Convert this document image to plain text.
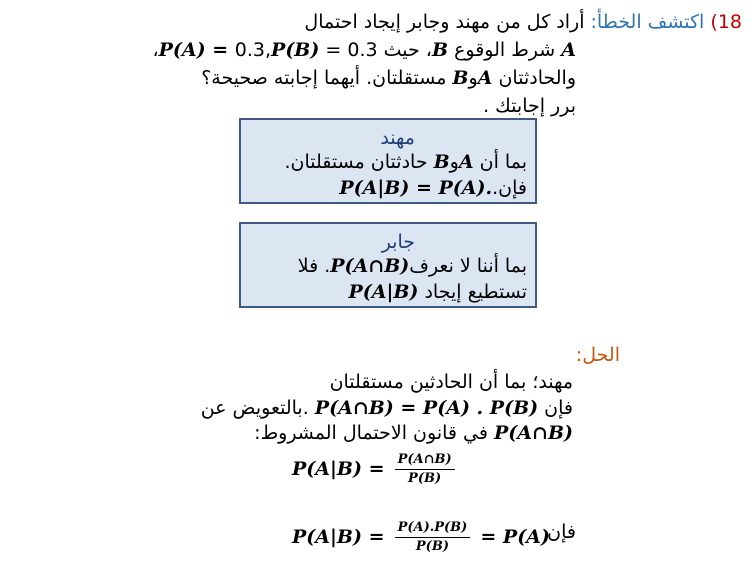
18) اكتشف الخطأ: أراد كل من مهند وجابر إيجاد احتمال
A شرط الوقوع B، حيث 0.3 = P(A) = 0.3,P(B)،
والحادثتان AوB مستقلتان. أيهما إجابته صحيحة؟
برر إجابتك .
مهند
بما أن AوB حادثتان مستقلتان.
فإن.P(A|B) = P(A).
جابر
بما أننا لا نعرفP(A∩B). فلا
تستطيع إيجاد P(A|B)
الحل:
مهند؛ بما أن الحادثين مستقلتان
فإن P(A∩B) = P(A) . P(B) .بالتعويض عن
P(A∩B) في قانون الاحتمال المشروط:
$P(A|B) = \frac{P(A\cap B)}{P(B)}$
$P(A|B) = \frac{P(A).P(B)}{P(B)} = P(A)$
فإن
